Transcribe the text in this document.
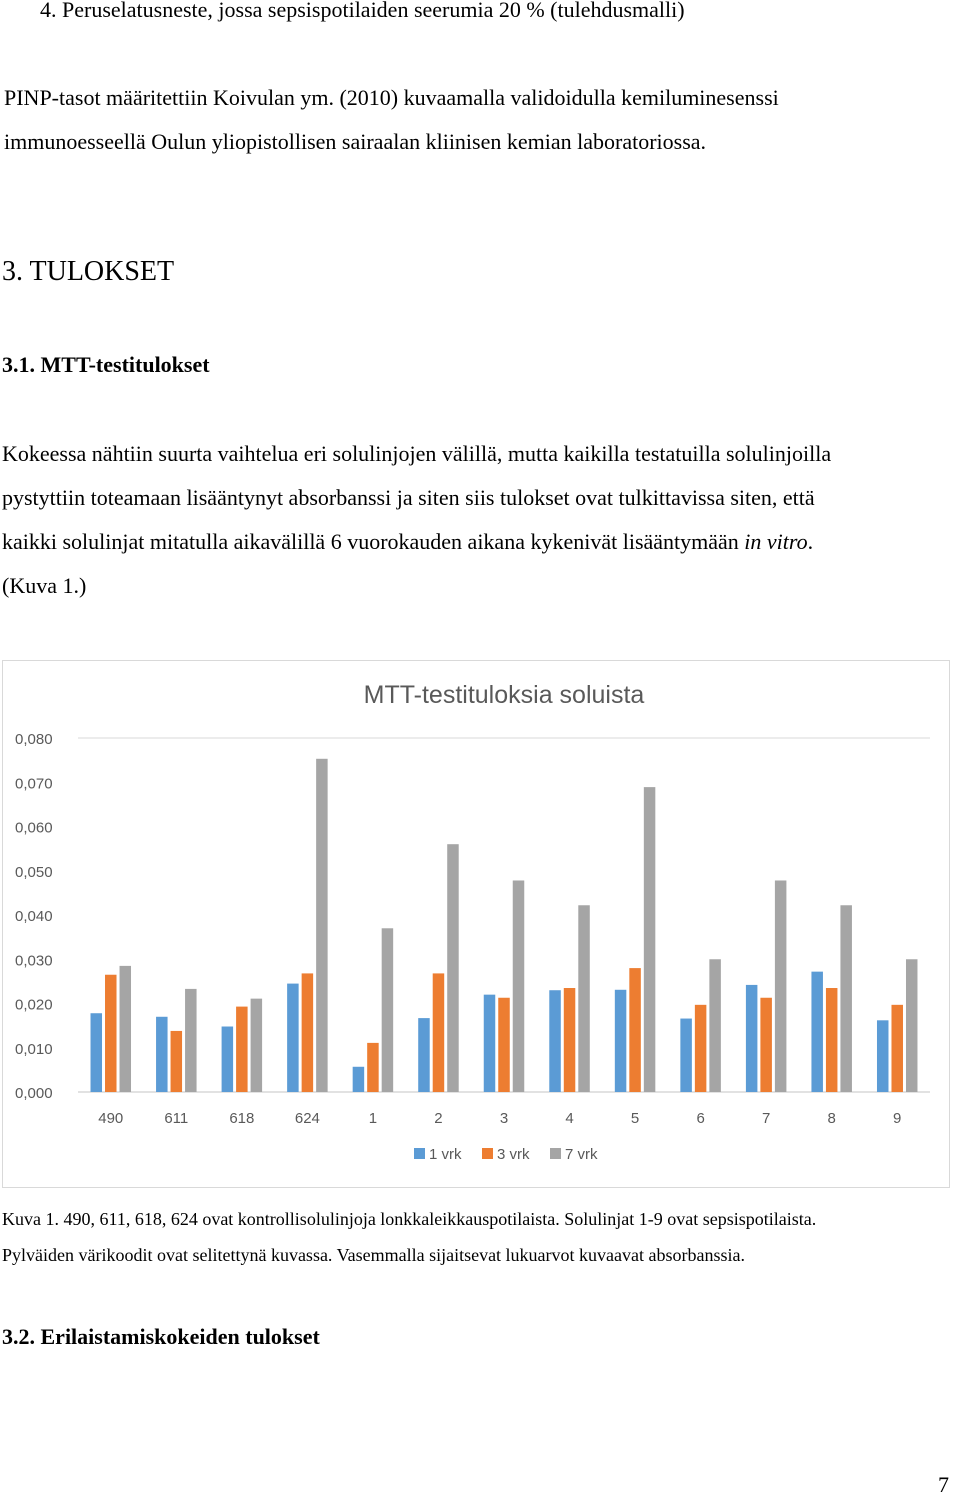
4. Peruselatusneste, jossa sepsispotilaiden seerumia 20 % (tulehdusmalli)
PINP-tasot määritettiin Koivulan ym. (2010) kuvaamalla validoidulla kemiluminesenssi
immunoesseellä Oulun yliopistollisen sairaalan kliinisen kemian laboratoriossa.
3. TULOKSET
3.1. MTT-testitulokset
Kokeessa nähtiin suurta vaihtelua eri solulinjojen välillä, mutta kaikilla testatuilla solulinjoilla
pystyttiin toteamaan lisääntynyt absorbanssi ja siten siis tulokset ovat tulkittavissa siten, että
kaikki solulinjat mitatulla aikavälillä 6 vuorokauden aikana kykenivät lisääntymään in vitro.
(Kuva 1.)
MTT-testituloksia soluista
0,000
0,010
0,020
0,030
0,040
0,050
0,060
0,070
0,080
490	611	618	624	1	2	3	4	5	6	7	8	9
1 vrk 3 vrk 7 vrk
Kuva 1. 490, 611, 618, 624 ovat kontrollisolulinjoja lonkkaleikkauspotilaista. Solulinjat 1-9 ovat sepsispotilaista.
Pylväiden värikoodit ovat selitettynä kuvassa. Vasemmalla sijaitsevat lukuarvot kuvaavat absorbanssia.
3.2. Erilaistamiskokeiden tulokset
7
